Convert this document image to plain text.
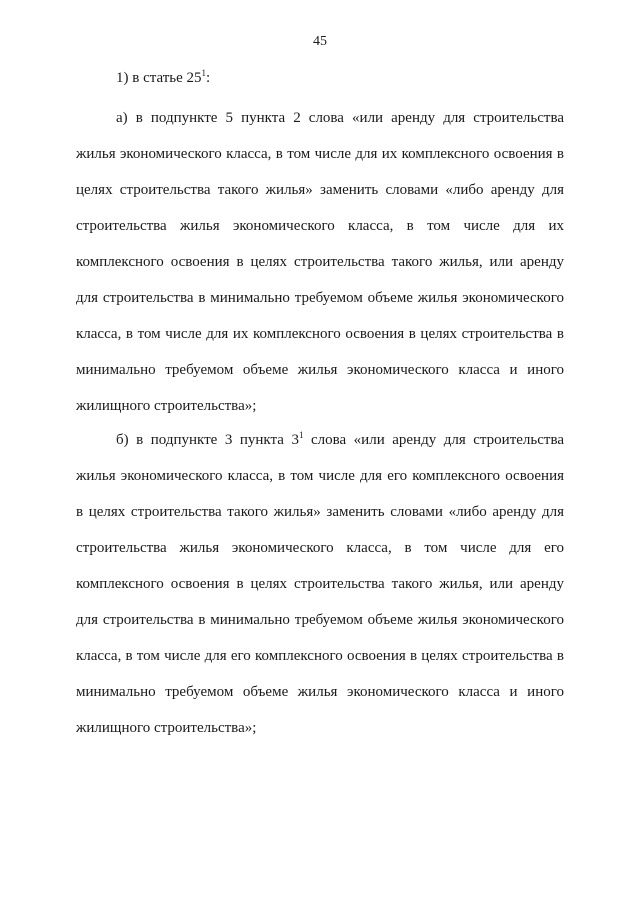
45
1) в статье $25^1$:
а) в подпункте 5 пункта 2 слова «или аренду для строительства
жилья экономического класса, в том числе для их комплексного освоения в
целях строительства такого жилья» заменить словами «либо аренду для
строительства жилья экономического класса, в том числе для их
комплексного освоения в целях строительства такого жилья, или аренду
для строительства в минимально требуемом объеме жилья экономического
класса, в том числе для их комплексного освоения в целях строительства в
минимально требуемом объеме жилья экономического класса и иного
жилищного строительства»;
б) в подпункте 3 пункта $3^1$ слова «или аренду для строительства
жилья экономического класса, в том числе для его комплексного освоения
в целях строительства такого жилья» заменить словами «либо аренду для
строительства жилья экономического класса, в том числе для его
комплексного освоения в целях строительства такого жилья, или аренду
для строительства в минимально требуемом объеме жилья экономического
класса, в том числе для его комплексного освоения в целях строительства в
минимально требуемом объеме жилья экономического класса и иного
жилищного строительства»;
